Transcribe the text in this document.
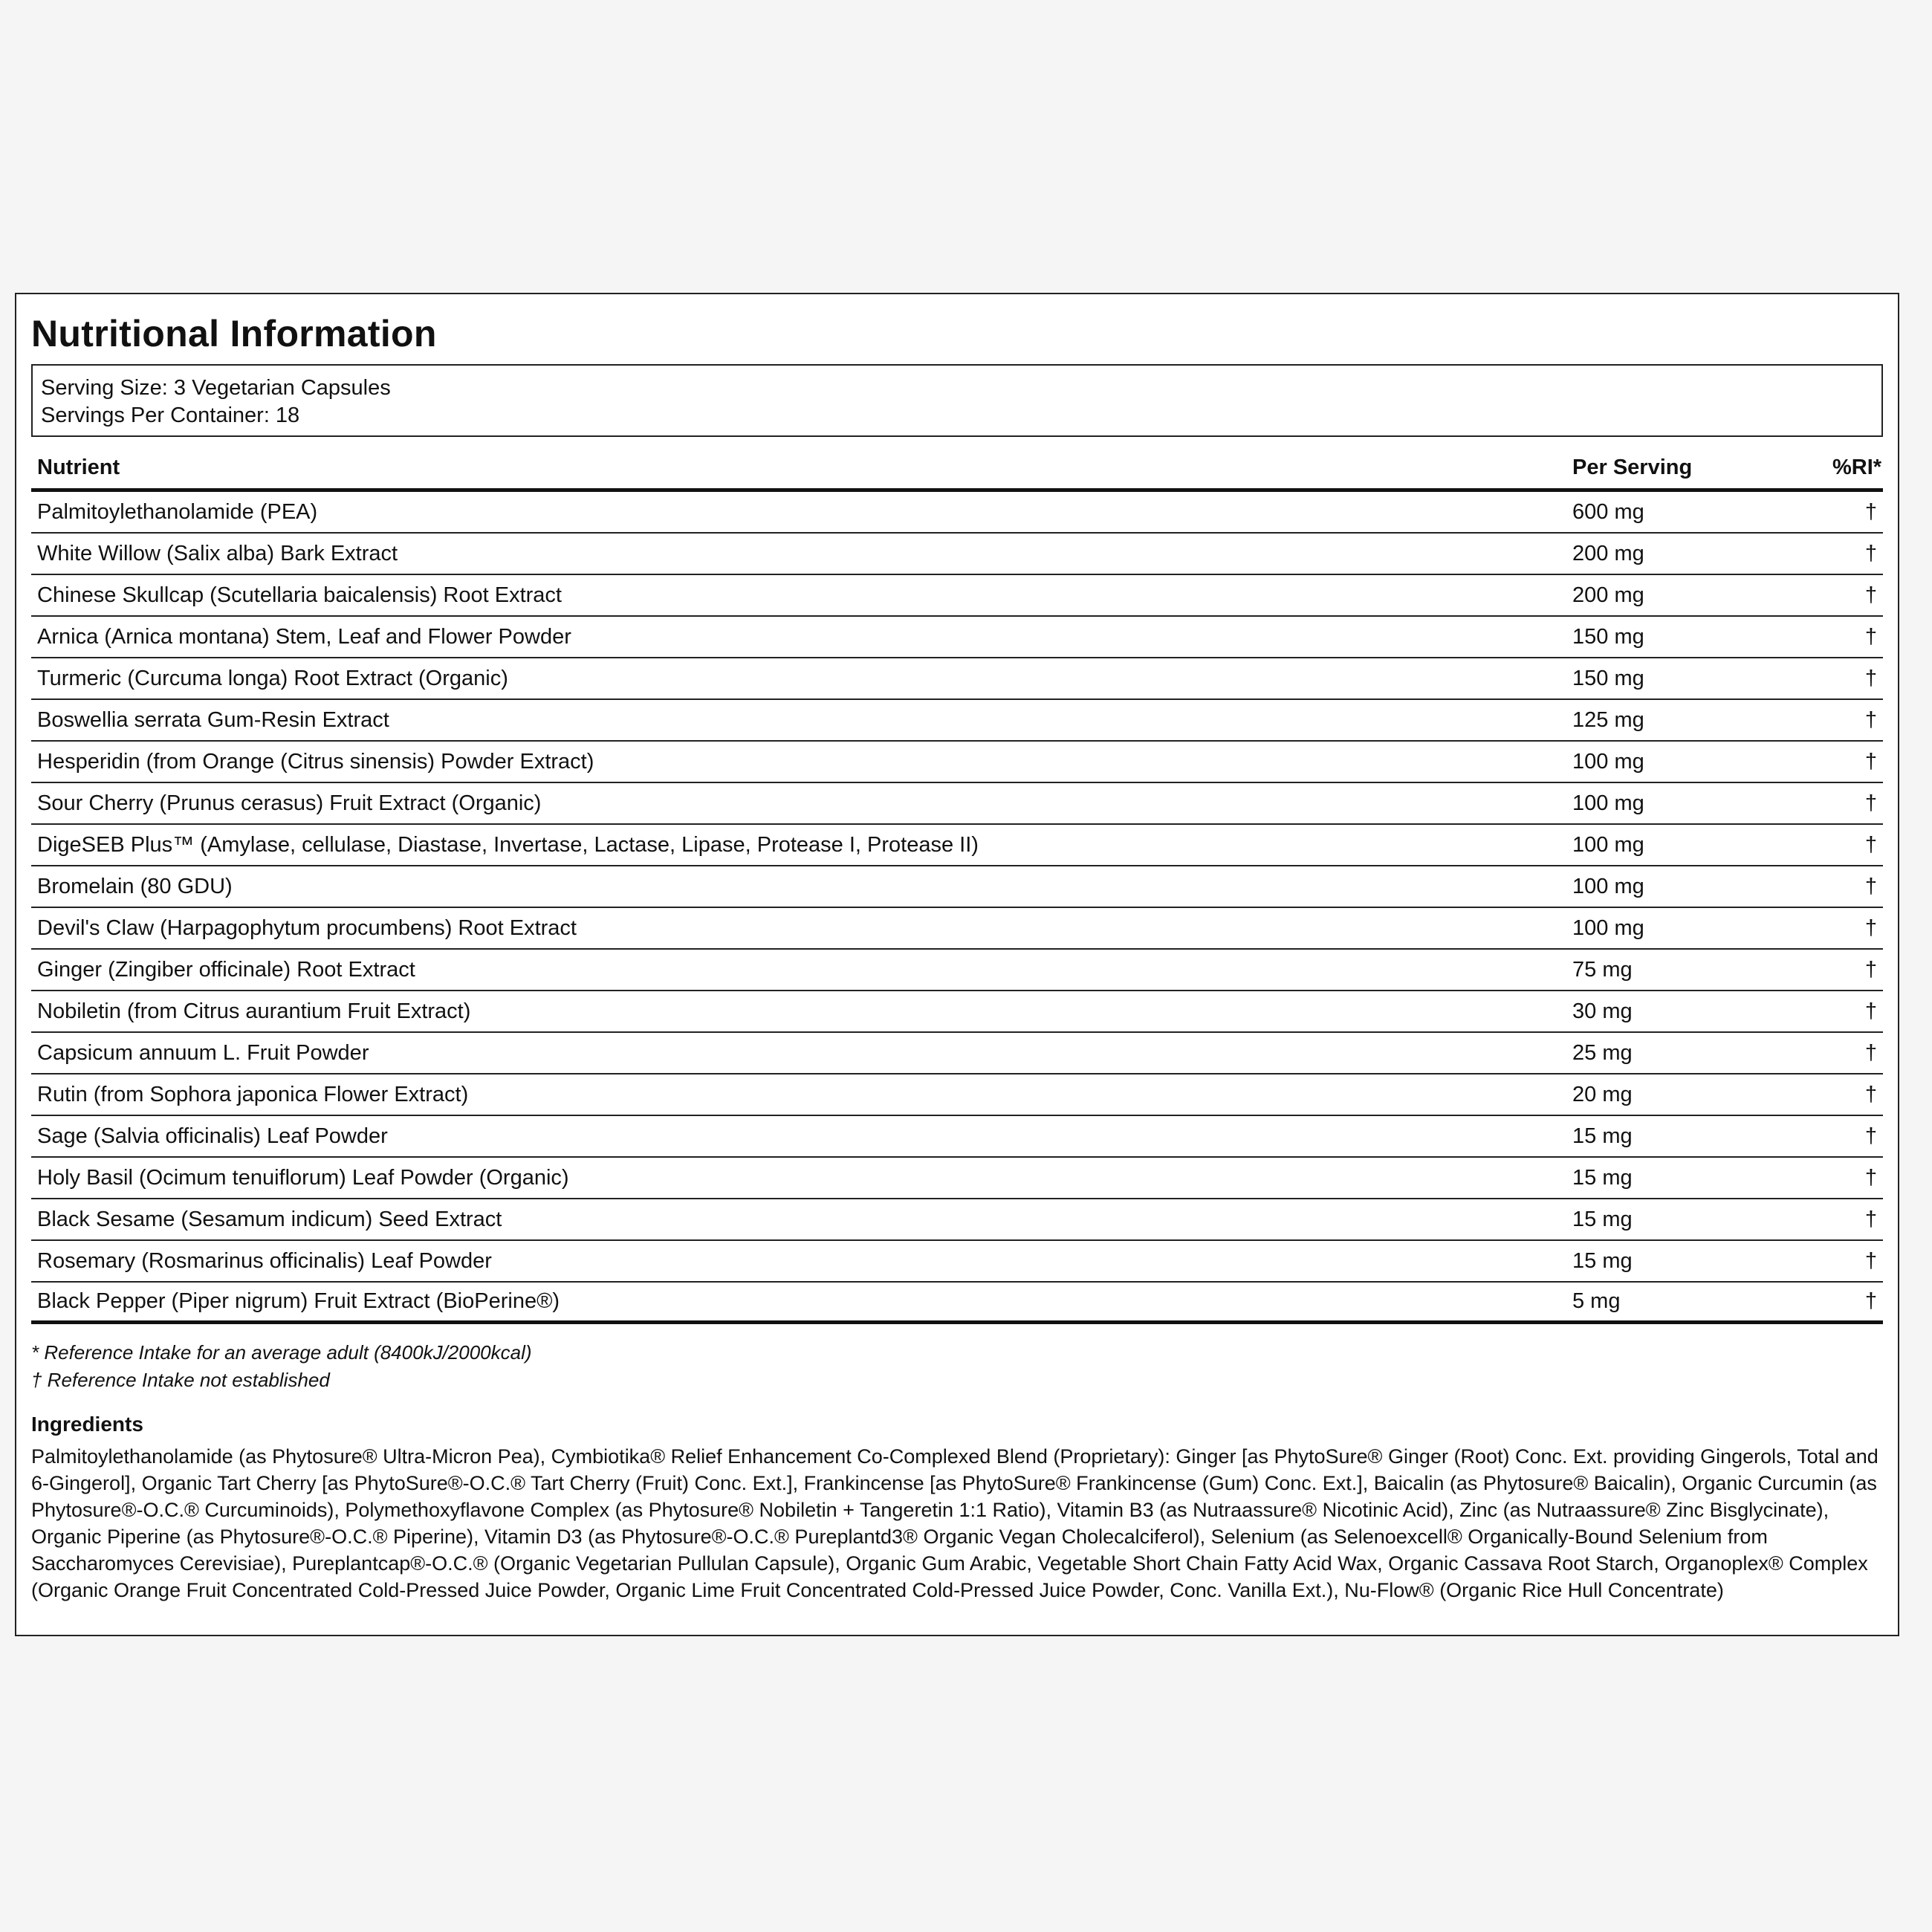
Nutritional Information
Serving Size: 3 Vegetarian Capsules
Servings Per Container: 18
Nutrient	Per Serving	%RI*
Palmitoylethanolamide (PEA)	600 mg	†
White Willow (Salix alba) Bark Extract	200 mg	†
Chinese Skullcap (Scutellaria baicalensis) Root Extract	200 mg	†
Arnica (Arnica montana) Stem, Leaf and Flower Powder	150 mg	†
Turmeric (Curcuma longa) Root Extract (Organic)	150 mg	†
Boswellia serrata Gum-Resin Extract	125 mg	†
Hesperidin (from Orange (Citrus sinensis) Powder Extract)	100 mg	†
Sour Cherry (Prunus cerasus) Fruit Extract (Organic)	100 mg	†
DigeSEB Plus™ (Amylase, cellulase, Diastase, Invertase, Lactase, Lipase, Protease I, Protease II)	100 mg	†
Bromelain (80 GDU)	100 mg	†
Devil's Claw (Harpagophytum procumbens) Root Extract	100 mg	†
Ginger (Zingiber officinale) Root Extract	75 mg	†
Nobiletin (from Citrus aurantium Fruit Extract)	30 mg	†
Capsicum annuum L. Fruit Powder	25 mg	†
Rutin (from Sophora japonica Flower Extract)	20 mg	†
Sage (Salvia officinalis) Leaf Powder	15 mg	†
Holy Basil (Ocimum tenuiflorum) Leaf Powder (Organic)	15 mg	†
Black Sesame (Sesamum indicum) Seed Extract	15 mg	†
Rosemary (Rosmarinus officinalis) Leaf Powder	15 mg	†
Black Pepper (Piper nigrum) Fruit Extract (BioPerine®)	5 mg	†
* Reference Intake for an average adult (8400kJ/2000kcal)
† Reference Intake not established
Ingredients
Palmitoylethanolamide (as Phytosure® Ultra-Micron Pea), Cymbiotika® Relief Enhancement Co-Complexed Blend (Proprietary): Ginger [as PhytoSure® Ginger (Root) Conc. Ext. providing Gingerols, Total and 6-Gingerol], Organic Tart Cherry [as PhytoSure®-O.C.® Tart Cherry (Fruit) Conc. Ext.], Frankincense [as PhytoSure® Frankincense (Gum) Conc. Ext.], Baicalin (as Phytosure® Baicalin), Organic Curcumin (as Phytosure®-O.C.® Curcuminoids), Polymethoxyflavone Complex (as Phytosure® Nobiletin + Tangeretin 1:1 Ratio), Vitamin B3 (as Nutraassure® Nicotinic Acid), Zinc (as Nutraassure® Zinc Bisglycinate), Organic Piperine (as Phytosure®-O.C.® Piperine), Vitamin D3 (as Phytosure®-O.C.® Pureplantd3® Organic Vegan Cholecalciferol), Selenium (as Selenoexcell® Organically-Bound Selenium from Saccharomyces Cerevisiae), Pureplantcap®-O.C.® (Organic Vegetarian Pullulan Capsule), Organic Gum Arabic, Vegetable Short Chain Fatty Acid Wax, Organic Cassava Root Starch, Organoplex® Complex (Organic Orange Fruit Concentrated Cold-Pressed Juice Powder, Organic Lime Fruit Concentrated Cold-Pressed Juice Powder, Conc. Vanilla Ext.), Nu-Flow® (Organic Rice Hull Concentrate)
